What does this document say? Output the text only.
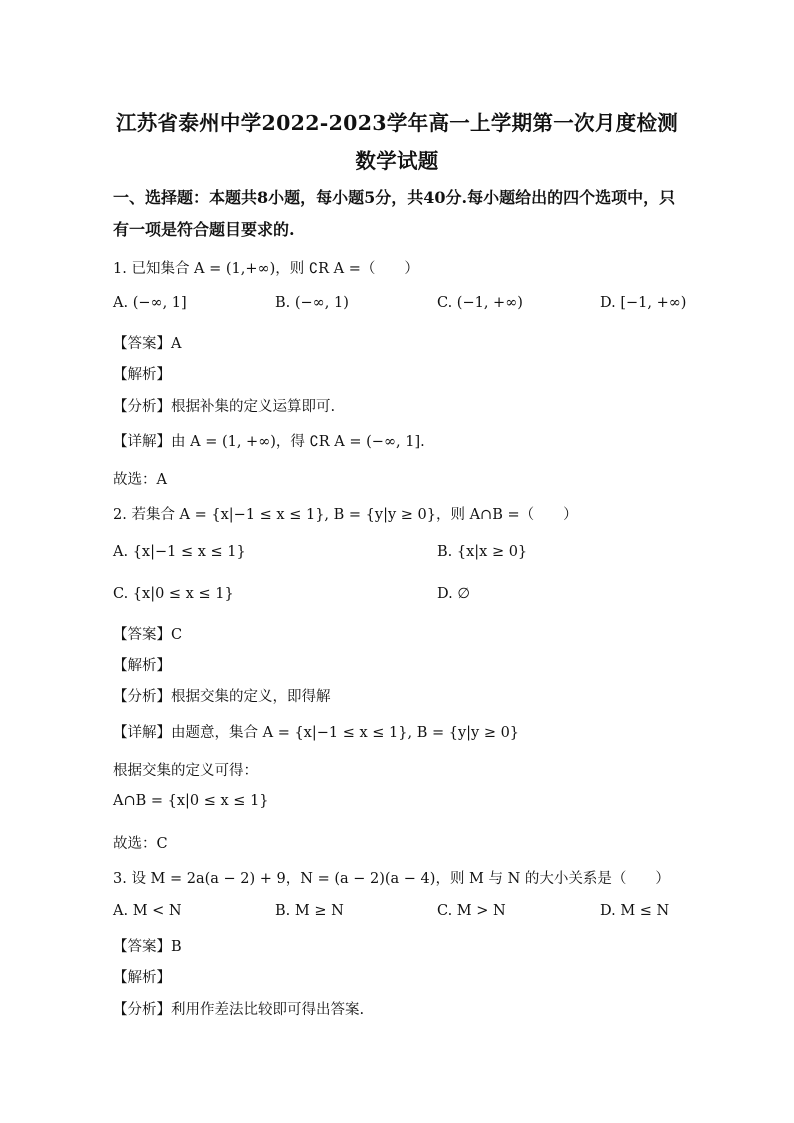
江苏省泰州中学2022-2023学年高一上学期第一次月度检测
数学试题
一、选择题：本题共8小题，每小题5分，共40分.每小题给出的四个选项中，只
有一项是符合题目要求的.
1. 已知集合 A = (1,+∞)，则 ∁R A =（　　）
A. (−∞, 1]	B. (−∞, 1)	C. (−1, +∞)	D. [−1, +∞)
【答案】A
【解析】
【分析】根据补集的定义运算即可.
【详解】由 A = (1, +∞)，得 ∁R A = (−∞, 1].
故选：A
2. 若集合 A = {x|−1 ≤ x ≤ 1}, B = {y|y ≥ 0}，则 A∩B =（　　）
A. {x|−1 ≤ x ≤ 1}	B. {x|x ≥ 0}
C. {x|0 ≤ x ≤ 1}	D. ∅
【答案】C
【解析】
【分析】根据交集的定义，即得解
【详解】由题意，集合 A = {x|−1 ≤ x ≤ 1}, B = {y|y ≥ 0}
根据交集的定义可得：
A∩B = {x|0 ≤ x ≤ 1}
故选：C
3. 设 M = 2a(a − 2) + 9，N = (a − 2)(a − 4)，则 M 与 N 的大小关系是（　　）
A. M < N	B. M ≥ N	C. M > N	D. M ≤ N
【答案】B
【解析】
【分析】利用作差法比较即可得出答案.
